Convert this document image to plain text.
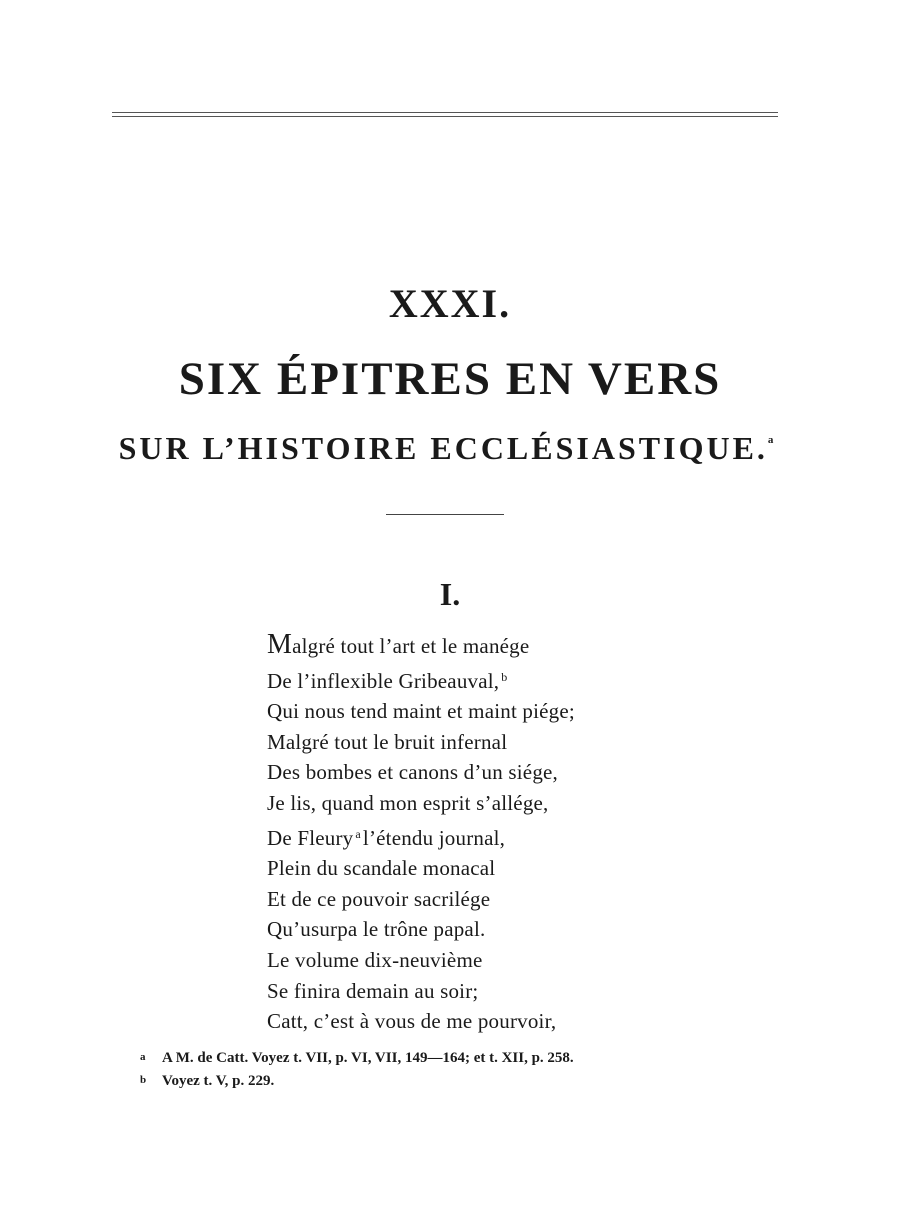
XXXI.
SIX ÉPITRES EN VERS
SUR L’HISTOIRE ECCLÉSIASTIQUE.$^a$
I.
Malgré tout l’art et le manége
De l’inflexible Gribeauval, $^b$
Qui nous tend maint et maint piége;
Malgré tout le bruit infernal
Des bombes et canons d’un siége,
Je lis, quand mon esprit s’allége,
De Fleury $^a$l’étendu journal,
Plein du scandale monacal
Et de ce pouvoir sacrilége
Qu’usurpa le trône papal.
Le volume dix-neuvième
Se finira demain au soir;
Catt, c’est à vous de me pourvoir,
a A M. de Catt. Voyez t. VII, p. VI, VII, 149—164; et t. XII, p. 258.
b Voyez t. V, p. 229.
